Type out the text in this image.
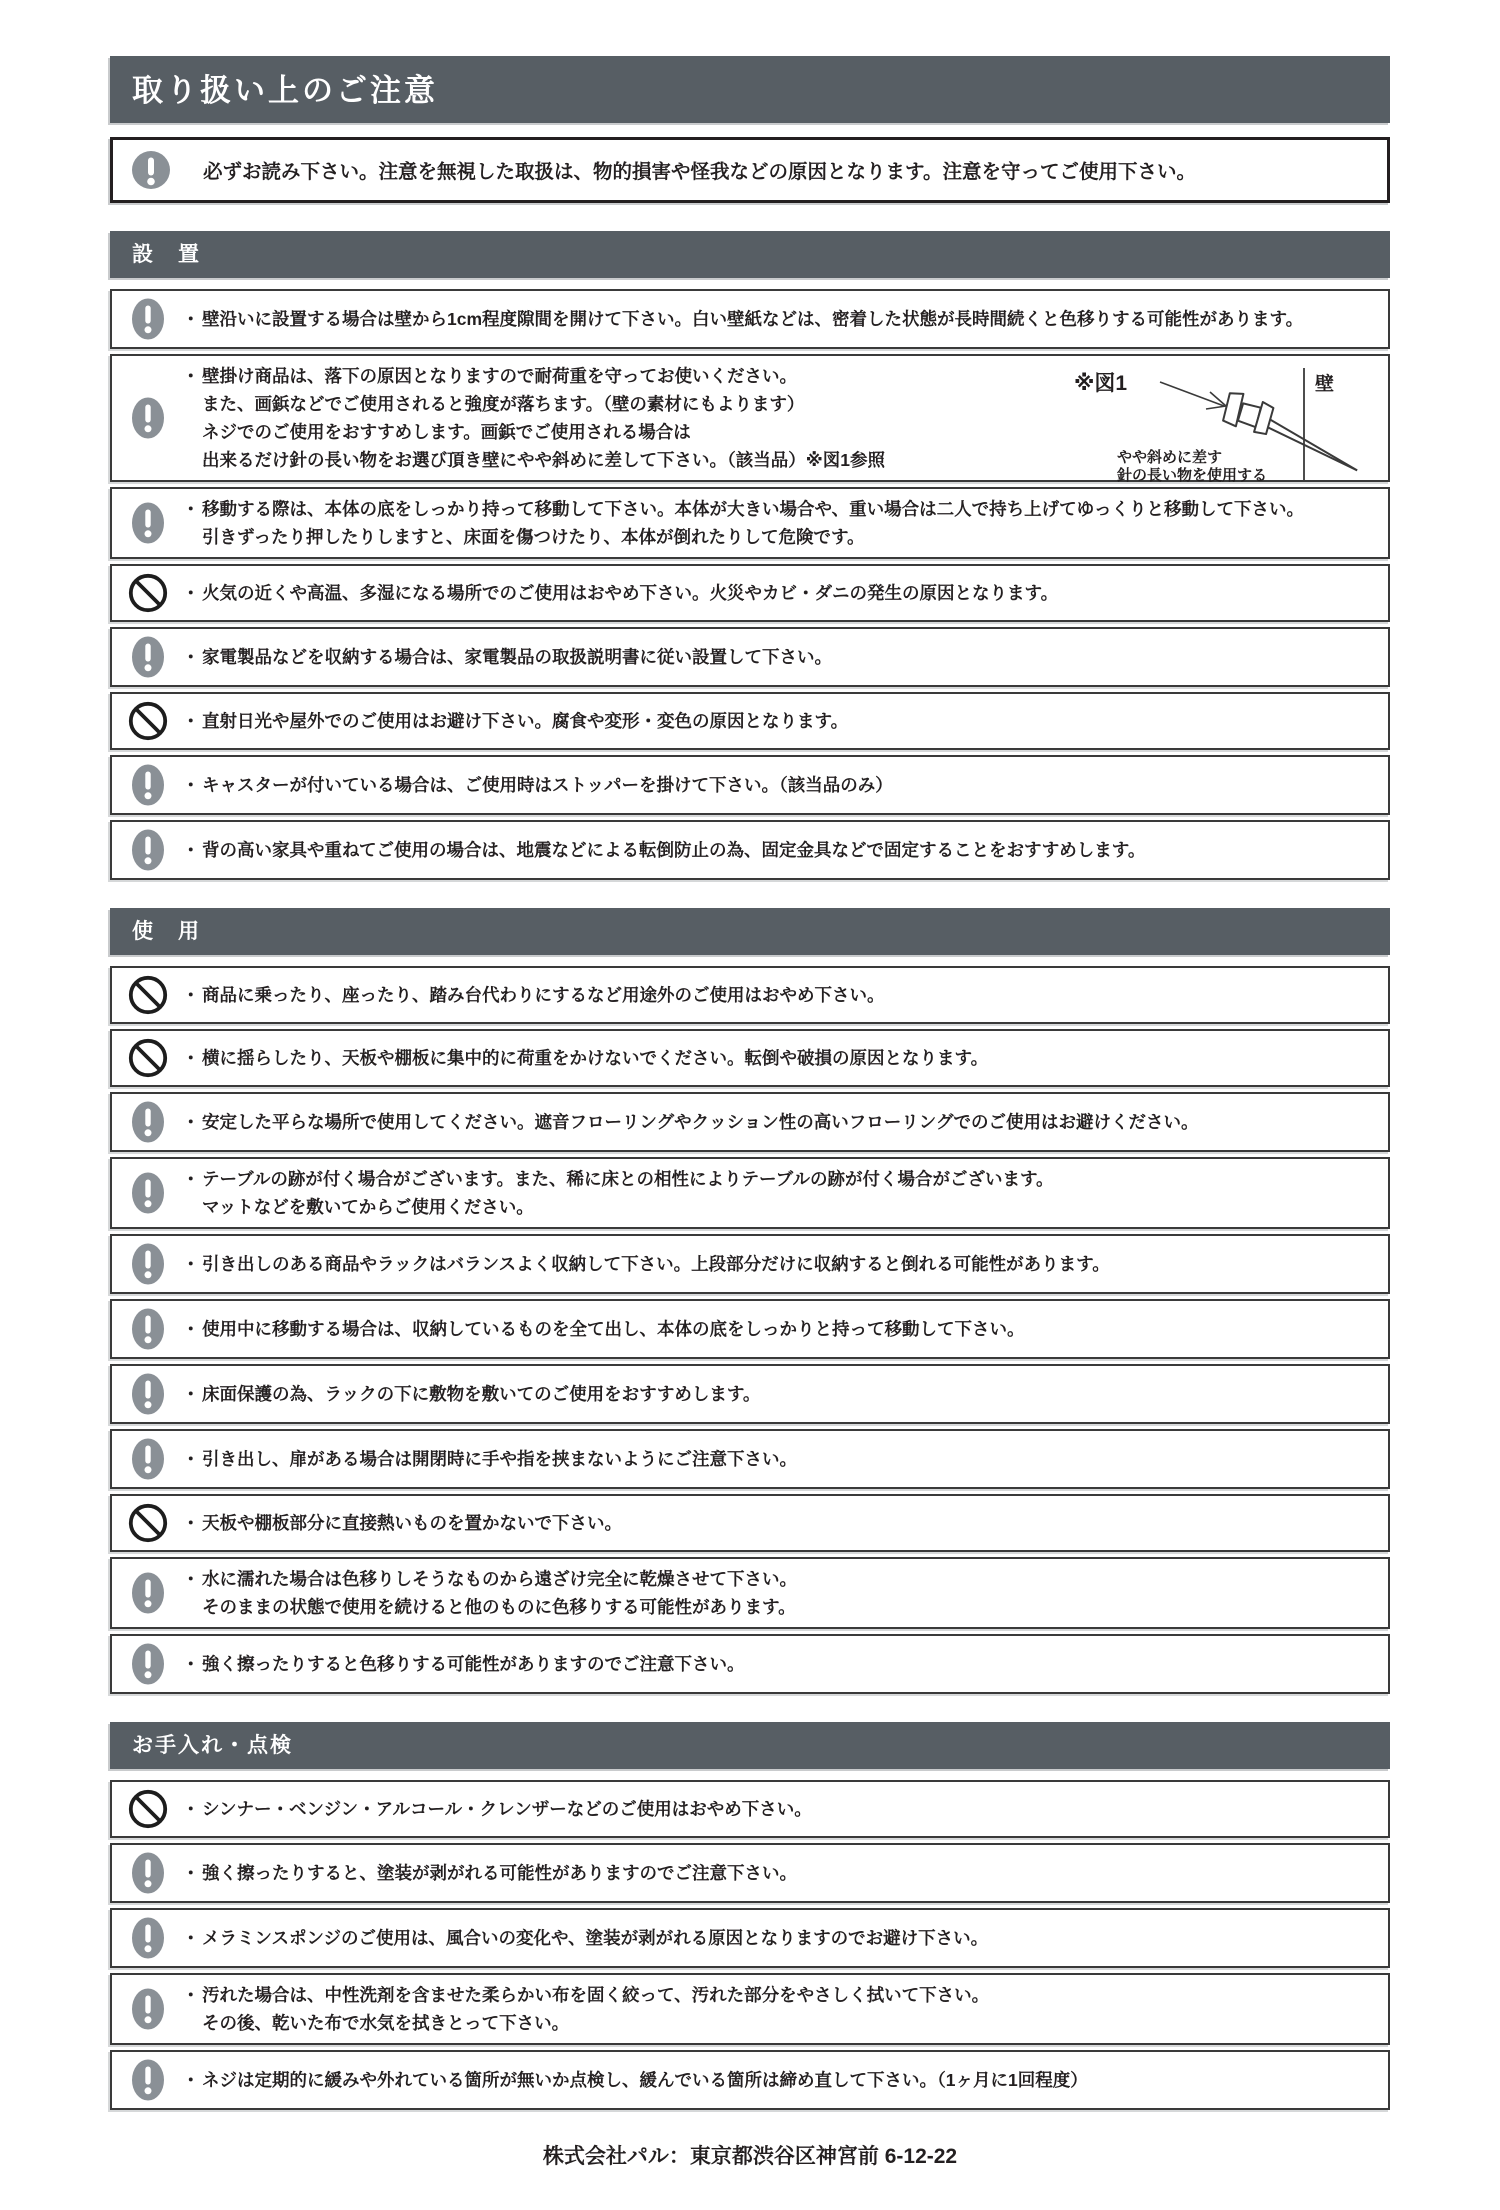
取り扱い上のご注意
必ずお読み下さい。注意を無視した取扱は、物的損害や怪我などの原因となります。注意を守ってご使用下さい。
設　置
・ 壁沿いに設置する場合は壁から1cm程度隙間を開けて下さい。白い壁紙などは、密着した状態が長時間続くと色移りする可能性があります。
・ 壁掛け商品は、落下の原因となりますので耐荷重を守ってお使いください。
また、画鋲などでご使用されると強度が落ちます。（壁の素材にもよります）
ネジでのご使用をおすすめします。画鋲でご使用される場合は
出来るだけ針の長い物をお選び頂き壁にやや斜めに差して下さい。（該当品）※図1参照
※図1	壁
やや斜めに差す
針の長い物を使用する
・ 移動する際は、本体の底をしっかり持って移動して下さい。本体が大きい場合や、重い場合は二人で持ち上げてゆっくりと移動して下さい。
引きずったり押したりしますと、床面を傷つけたり、本体が倒れたりして危険です。
・ 火気の近くや高温、多湿になる場所でのご使用はおやめ下さい。火災やカビ・ダニの発生の原因となります。
・ 家電製品などを収納する場合は、家電製品の取扱説明書に従い設置して下さい。
・ 直射日光や屋外でのご使用はお避け下さい。腐食や変形・変色の原因となります。
・ キャスターが付いている場合は、ご使用時はストッパーを掛けて下さい。（該当品のみ）
・ 背の高い家具や重ねてご使用の場合は、地震などによる転倒防止の為、固定金具などで固定することをおすすめします。
使　用
・ 商品に乗ったり、座ったり、踏み台代わりにするなど用途外のご使用はおやめ下さい。
・ 横に揺らしたり、天板や棚板に集中的に荷重をかけないでください。転倒や破損の原因となります。
・ 安定した平らな場所で使用してください。遮音フローリングやクッション性の高いフローリングでのご使用はお避けください。
・ テーブルの跡が付く場合がございます。また、稀に床との相性によりテーブルの跡が付く場合がございます。
マットなどを敷いてからご使用ください。
・ 引き出しのある商品やラックはバランスよく収納して下さい。上段部分だけに収納すると倒れる可能性があります。
・ 使用中に移動する場合は、収納しているものを全て出し、本体の底をしっかりと持って移動して下さい。
・ 床面保護の為、ラックの下に敷物を敷いてのご使用をおすすめします。
・ 引き出し、扉がある場合は開閉時に手や指を挟まないようにご注意下さい。
・ 天板や棚板部分に直接熱いものを置かないで下さい。
・ 水に濡れた場合は色移りしそうなものから遠ざけ完全に乾燥させて下さい。
そのままの状態で使用を続けると他のものに色移りする可能性があります。
・ 強く擦ったりすると色移りする可能性がありますのでご注意下さい。
お手入れ・点検
・ シンナー・ベンジン・アルコール・クレンザーなどのご使用はおやめ下さい。
・ 強く擦ったりすると、塗装が剥がれる可能性がありますのでご注意下さい。
・ メラミンスポンジのご使用は、風合いの変化や、塗装が剥がれる原因となりますのでお避け下さい。
・ 汚れた場合は、中性洗剤を含ませた柔らかい布を固く絞って、汚れた部分をやさしく拭いて下さい。
その後、乾いた布で水気を拭きとって下さい。
・ ネジは定期的に緩みや外れている箇所が無いか点検し、緩んでいる箇所は締め直して下さい。（1ヶ月に1回程度）
株式会社パル：東京都渋谷区神宮前 6-12-22
